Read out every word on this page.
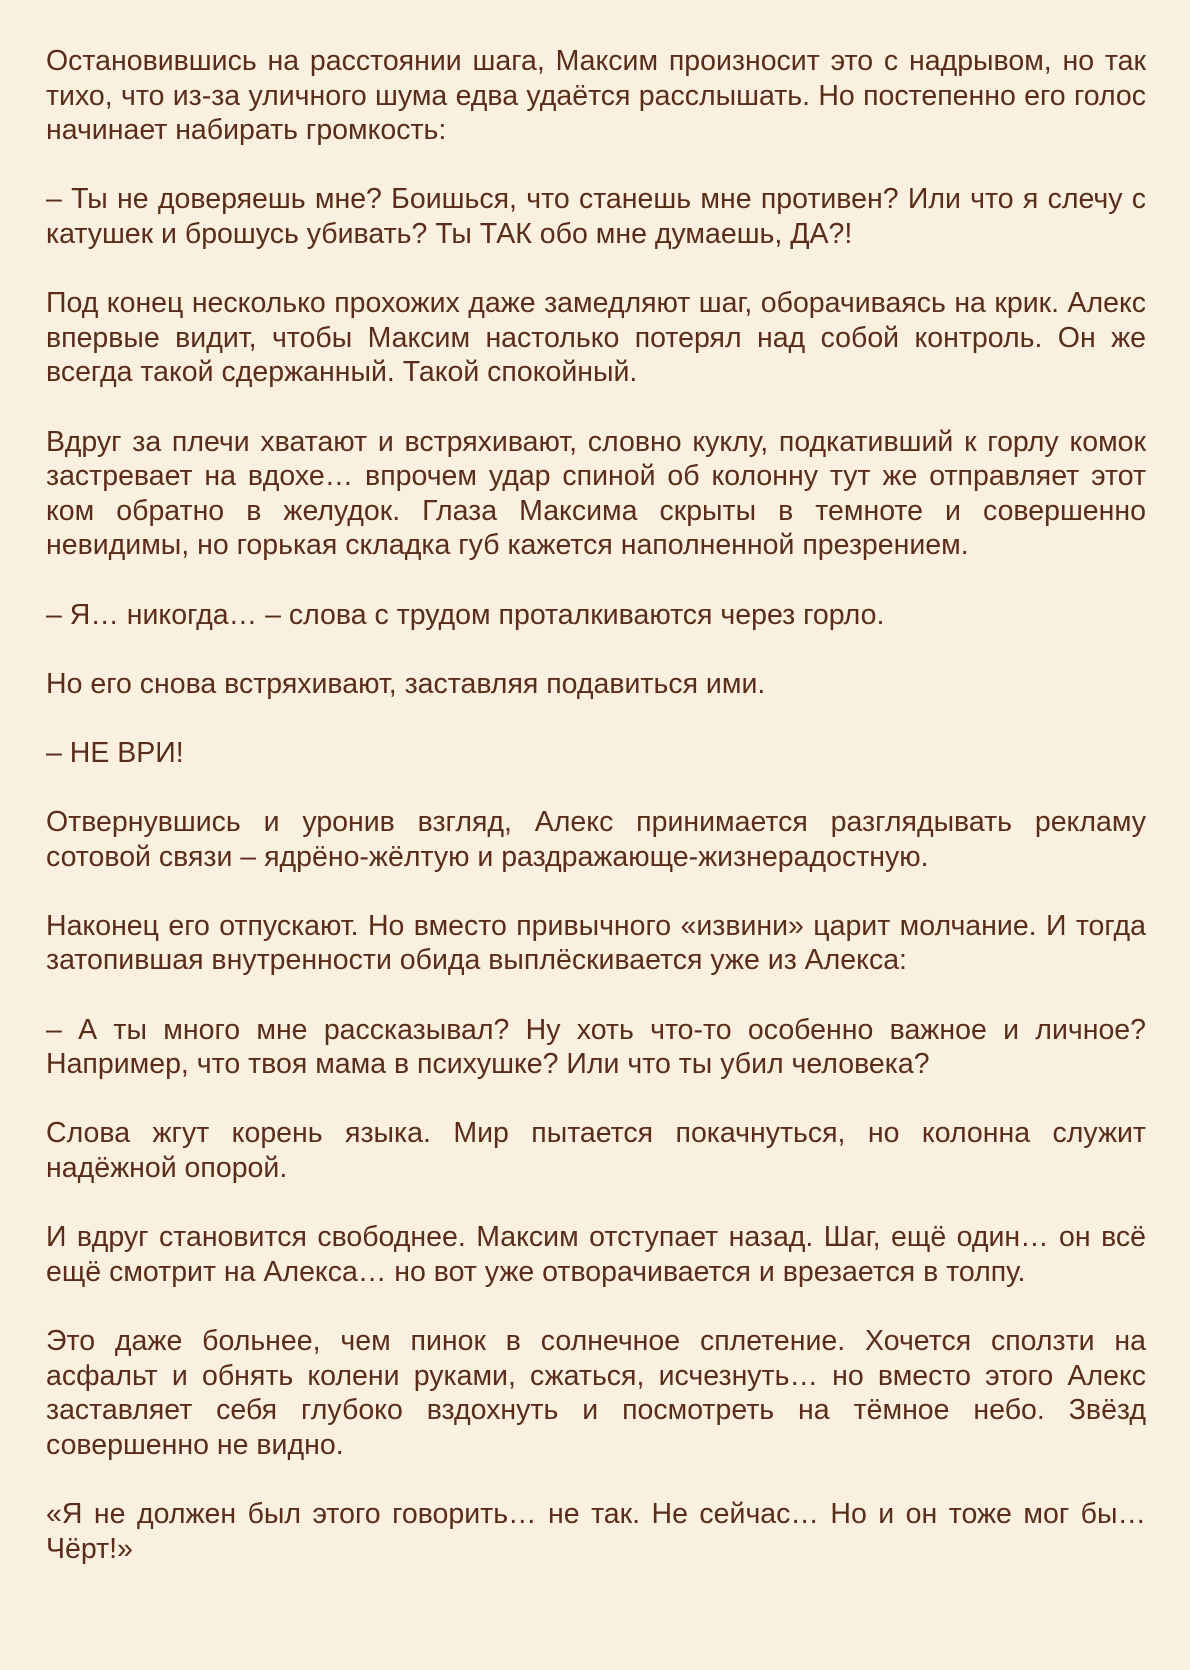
Остановившись на расстоянии шага, Максим произносит это с надрывом, но так тихо, что из-за уличного шума едва удаётся расслышать. Но постепенно его голос начинает набирать громкость:

– Ты не доверяешь мне? Боишься, что станешь мне противен? Или что я слечу с катушек и брошусь убивать? Ты ТАК обо мне думаешь, ДА?!

Под конец несколько прохожих даже замедляют шаг, оборачиваясь на крик. Алекс впервые видит, чтобы Максим настолько потерял над собой контроль. Он же всегда такой сдержанный. Такой спокойный.

Вдруг за плечи хватают и встряхивают, словно куклу, подкативший к горлу комок застревает на вдохе… впрочем удар спиной об колонну тут же отправляет этот ком обратно в желудок. Глаза Максима скрыты в темноте и совершенно невидимы, но горькая складка губ кажется наполненной презрением.

– Я… никогда… – слова с трудом проталкиваются через горло.

Но его снова встряхивают, заставляя подавиться ими.

– НЕ ВРИ!

Отвернувшись и уронив взгляд, Алекс принимается разглядывать рекламу сотовой связи – ядрёно-жёлтую и раздражающе-жизнерадостную.

Наконец его отпускают. Но вместо привычного «извини» царит молчание. И тогда затопившая внутренности обида выплёскивается уже из Алекса:

– А ты много мне рассказывал? Ну хоть что-то особенно важное и личное? Например, что твоя мама в психушке? Или что ты убил человека?

Слова жгут корень языка. Мир пытается покачнуться, но колонна служит надёжной опорой.

И вдруг становится свободнее. Максим отступает назад. Шаг, ещё один… он всё ещё смотрит на Алекса… но вот уже отворачивается и врезается в толпу.

Это даже больнее, чем пинок в солнечное сплетение. Хочется сползти на асфальт и обнять колени руками, сжаться, исчезнуть… но вместо этого Алекс заставляет себя глубоко вздохнуть и посмотреть на тёмное небо. Звёзд совершенно не видно.

«Я не должен был этого говорить… не так. Не сейчас… Но и он тоже мог бы… Чёрт!»
